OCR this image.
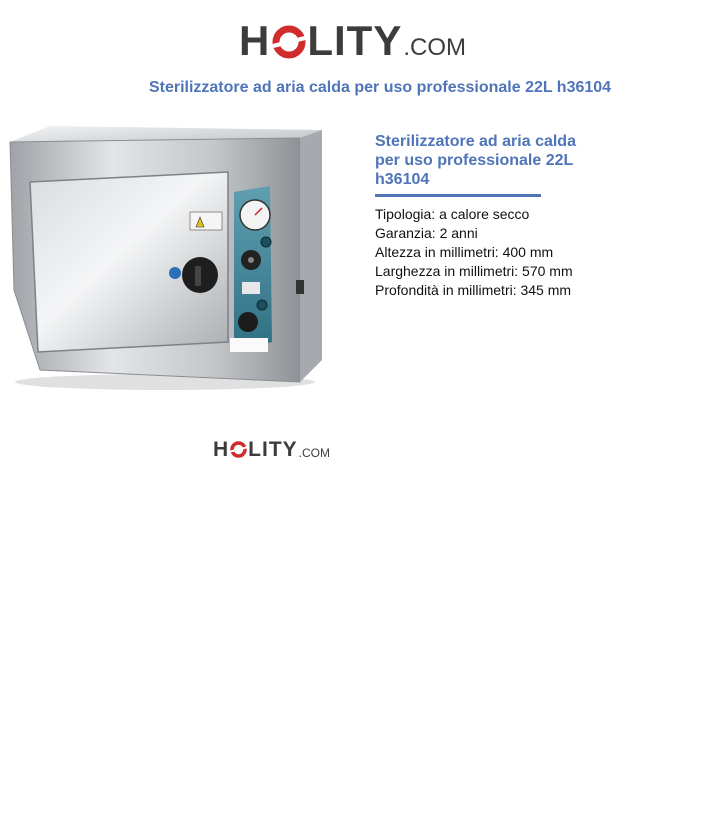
H LITY .COM
Sterilizzatore ad aria calda per uso professionale 22L h36104
Sterilizzatore ad aria calda per uso professionale 22L h36104
Tipologia: a calore secco
Garanzia: 2 anni
Altezza in millimetri: 400 mm
Larghezza in millimetri: 570 mm
Profondità in millimetri: 345 mm
H LITY .COM
